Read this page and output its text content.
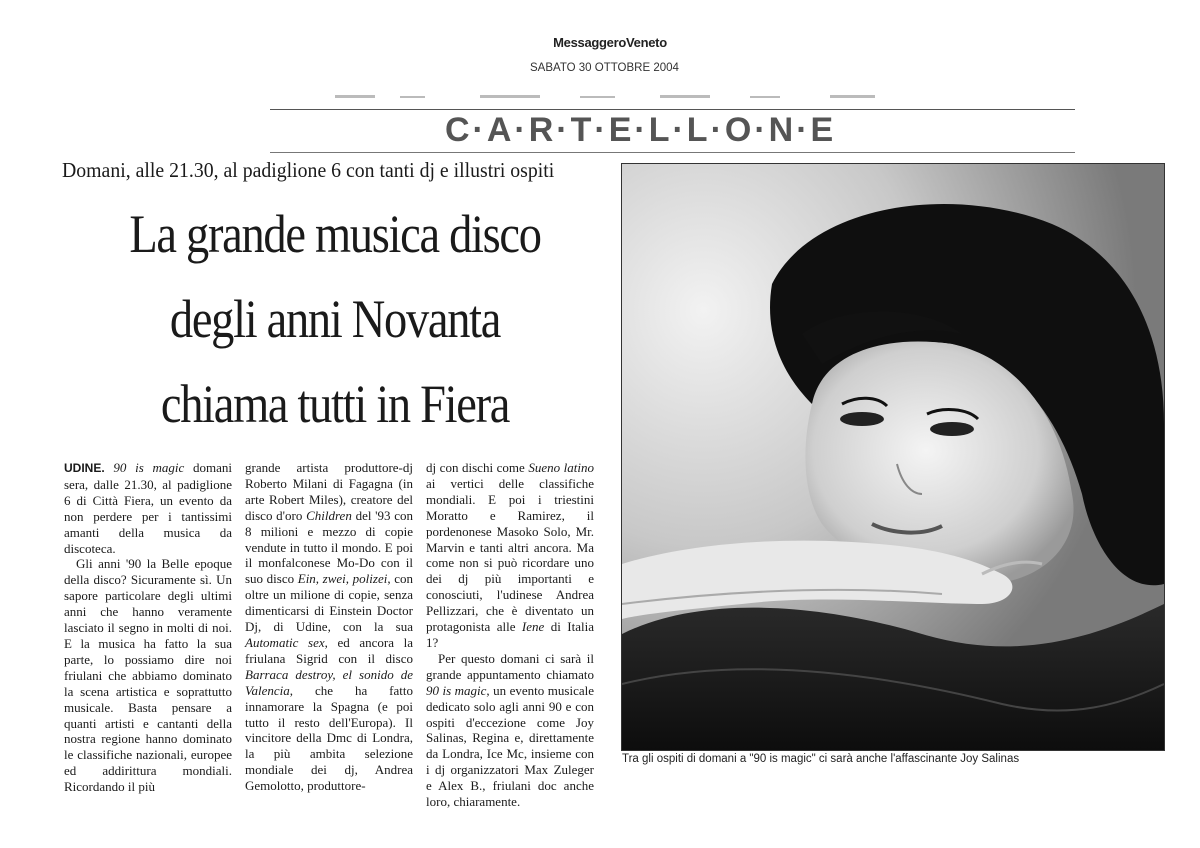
MessaggeroVeneto
SABATO 30 OTTOBRE 2004
C·A·R·T·E·L·L·O·N·E
Domani, alle 21.30, al padiglione 6 con tanti dj e illustri ospiti
La grande musica disco
degli anni Novanta
chiama tutti in Fiera

UDINE. 90 is magic domani sera, dalle 21.30, al padiglione 6 di Città Fiera, un evento da non perdere per i tantissimi amanti della musica da discoteca.

Gli anni '90 la Belle epoque della disco? Sicuramente sì. Un sapore particolare degli ultimi anni che hanno veramente lasciato il segno in molti di noi. E la musica ha fatto la sua parte, lo possiamo dire noi friulani che abbiamo dominato la scena artistica e soprattutto musicale. Basta pensare a quanti artisti e cantanti della nostra regione hanno dominato le classifiche nazionali, europee ed addirittura mondiali. Ricordando il più

grande artista produttore-dj Roberto Milani di Fagagna (in arte Robert Miles), creatore del disco d'oro Children del '93 con 8 milioni e mezzo di copie vendute in tutto il mondo. E poi il monfalconese Mo-Do con il suo disco Ein, zwei, polizei, con oltre un milione di copie, senza dimenticarsi di Einstein Doctor Dj, di Udine, con la sua Automatic sex, ed ancora la friulana Sigrid con il disco Barraca destroy, el sonido de Valencia, che ha fatto innamorare la Spagna (e poi tutto il resto dell'Europa). Il vincitore della Dmc di Londra, la più ambita selezione mondiale dei dj, Andrea Gemolotto, produttore-

dj con dischi come Sueno latino ai vertici delle classifiche mondiali. E poi i triestini Moratto e Ramirez, il pordenonese Masoko Solo, Mr. Marvin e tanti altri ancora. Ma come non si può ricordare uno dei dj più importanti e conosciuti, l'udinese Andrea Pellizzari, che è diventato un protagonista alle Iene di Italia 1?

Per questo domani ci sarà il grande appuntamento chiamato 90 is magic, un evento musicale dedicato solo agli anni 90 e con ospiti d'eccezione come Joy Salinas, Regina e, direttamente da Londra, Ice Mc, insieme con i dj organizzatori Max Zuleger e Alex B., friulani doc anche loro, chiaramente.

Tra gli ospiti di domani a "90 is magic" ci sarà anche l'affascinante Joy Salinas
